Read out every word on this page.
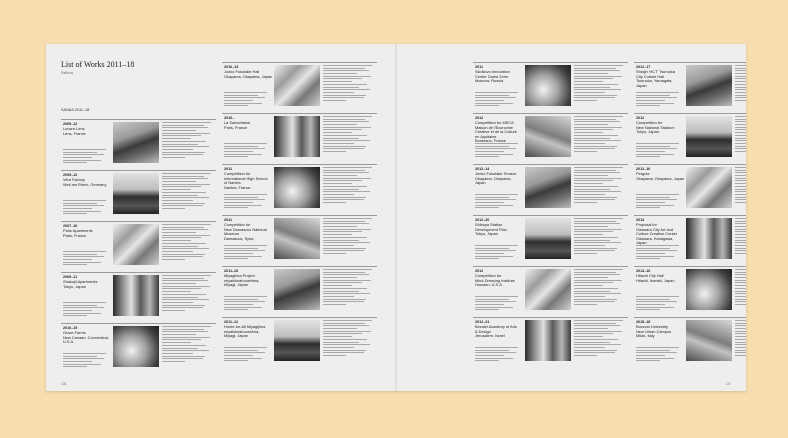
List of Works 2011–18
Работы
SANAA 2011–18
2009–12
Louvre-Lens
Lens, France
2009–12
Vitra Factory
Weil am Rhein, Germany
2007–16
Paris Apartments
Paris, France
2009–11
Shakujii Apartments
Tokyo, Japan
2010–15
Grace Farms
New Canaan, Connecticut, U.S.A.
2010–13
Junko Fukutake Hall
Okayama, Okayama, Japan
2010–
La Samaritaine
Paris, France
2011
Competition for
International High School
of Nantes
Nantes, France
2011
Competition for
New Damascus National
Museum
Damascus, Syria
2011–16
Miyagiima Project
miyakiimahoushima,
Miyagi, Japan
2011–12
Home-for-All Miyagijima
miyakiimahoushima,
Miyagi, Japan
2011
Skolkovo Innovation
Center Guest Zone
Moscow, Russia
2012
Competition for MECA
Maison de l'Economie
Créative et de la Culture
en Aquitaine
Bordeaux, France
2012–14
Junko Fukutake Terrace
Okayama, Okayama,
Japan
2012–20
Shibuya Station
Development Plan
Tokyo, Japan
2012
Competition for
Mind-Dressing Institute
Houston, U.S.A.
2012–21
Bezalel Academy of Arts
& Design
Jerusalem, Israel
2012–17
Shiojiri 'HCT' Tsuruoka
City Culture Hall
Tsuruoka, Yamagata,
Japan
2012
Competition for
New National Stadium
Tokyo, Japan
2012–16
Pergola
Okayama, Okayama, Japan
2013
Proposal for
Odawara City Art and
Culture Creation Center
Odawara, Kanagawa,
Japan
2013–16
Hitachi City Hall
Hitachi, Ibaraki, Japan
2015–18
Bocconi University
New Urban Campus
Milan, Italy
136	137
